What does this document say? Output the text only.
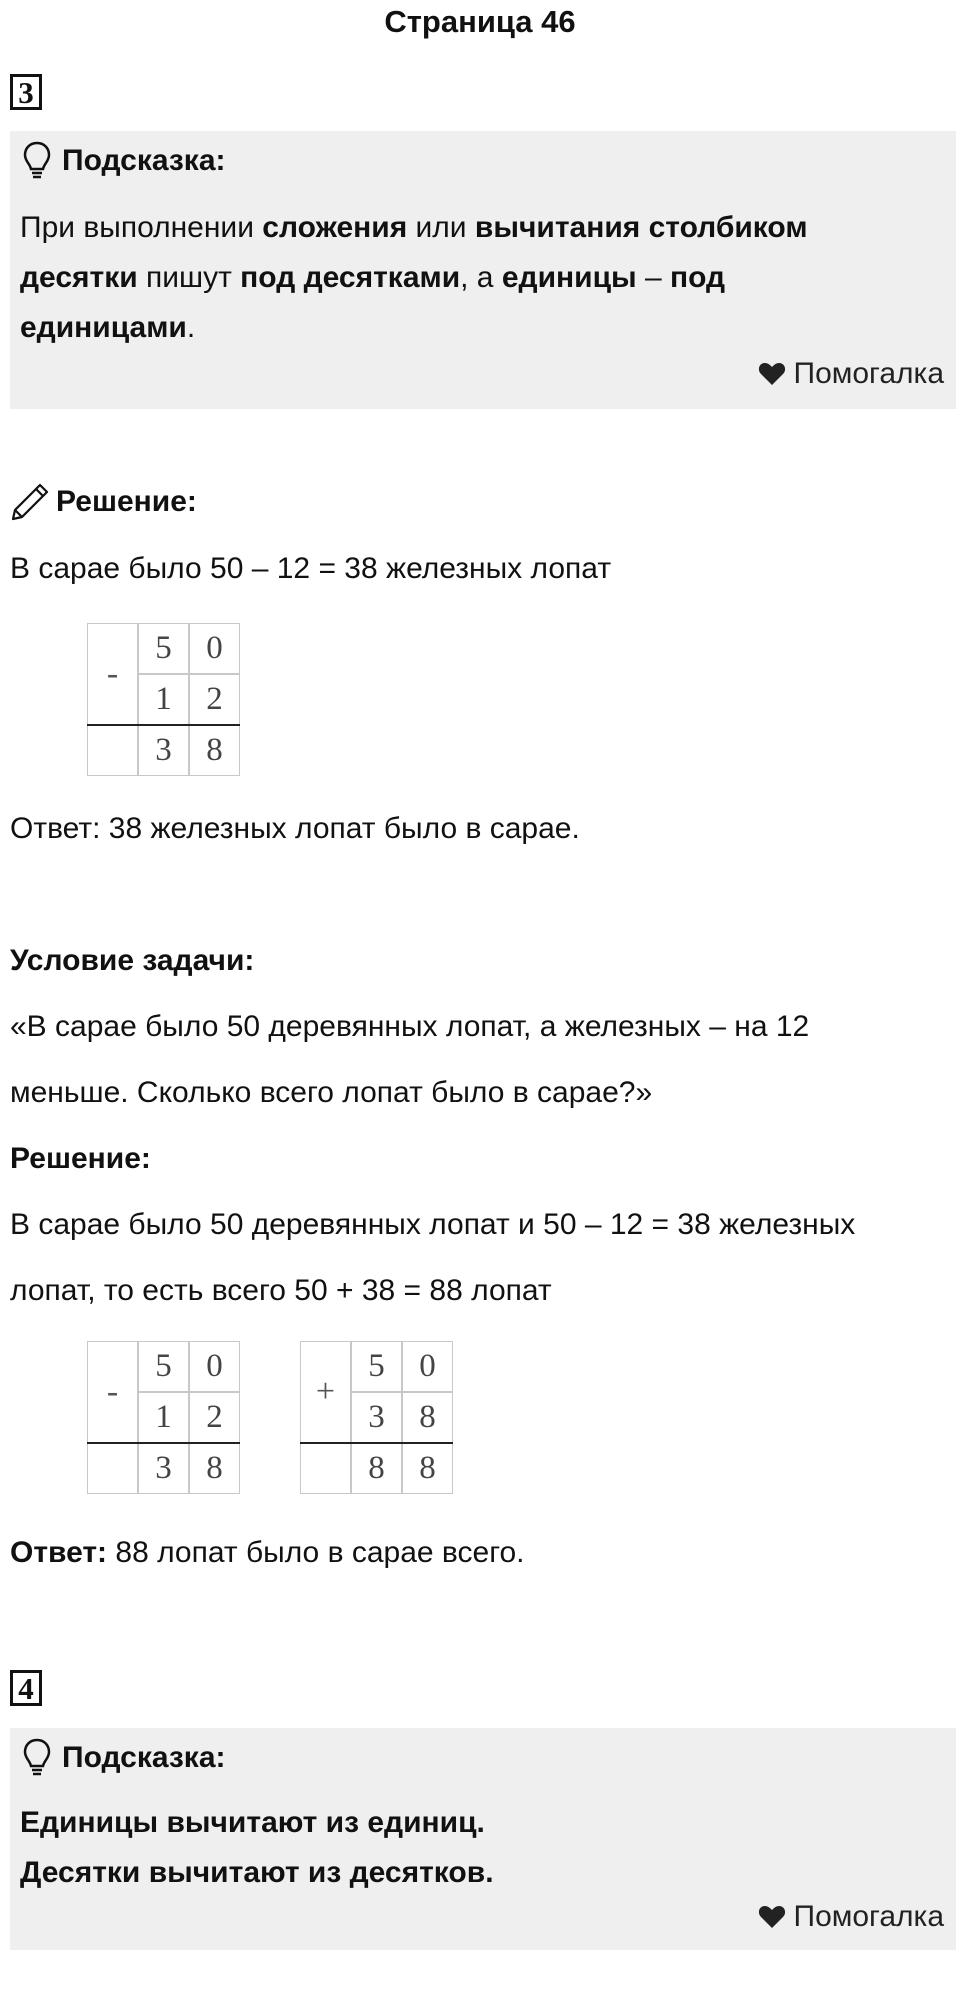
Страница 46
3
Подсказка:

При выполнении сложения или вычитания столбиком

десятки пишут под десятками, а единицы – под

единицами.

Помогалка
Решение:
В сарае было 50 – 12 = 38 железных лопат
-
5	0
1	2
3	8
Ответ: 38 железных лопат было в сарае.
Условие задачи:
«В сарае было 50 деревянных лопат, а железных – на 12
меньше. Сколько всего лопат было в сарае?»
Решение:
В сарае было 50 деревянных лопат и 50 – 12 = 38 железных
лопат, то есть всего 50 + 38 = 88 лопат
-
5	0
1	2
3	8
+
5	0
3	8
8	8
Ответ: 88 лопат было в сарае всего.
4
Подсказка:

Единицы вычитают из единиц.

Десятки вычитают из десятков.

Помогалка
